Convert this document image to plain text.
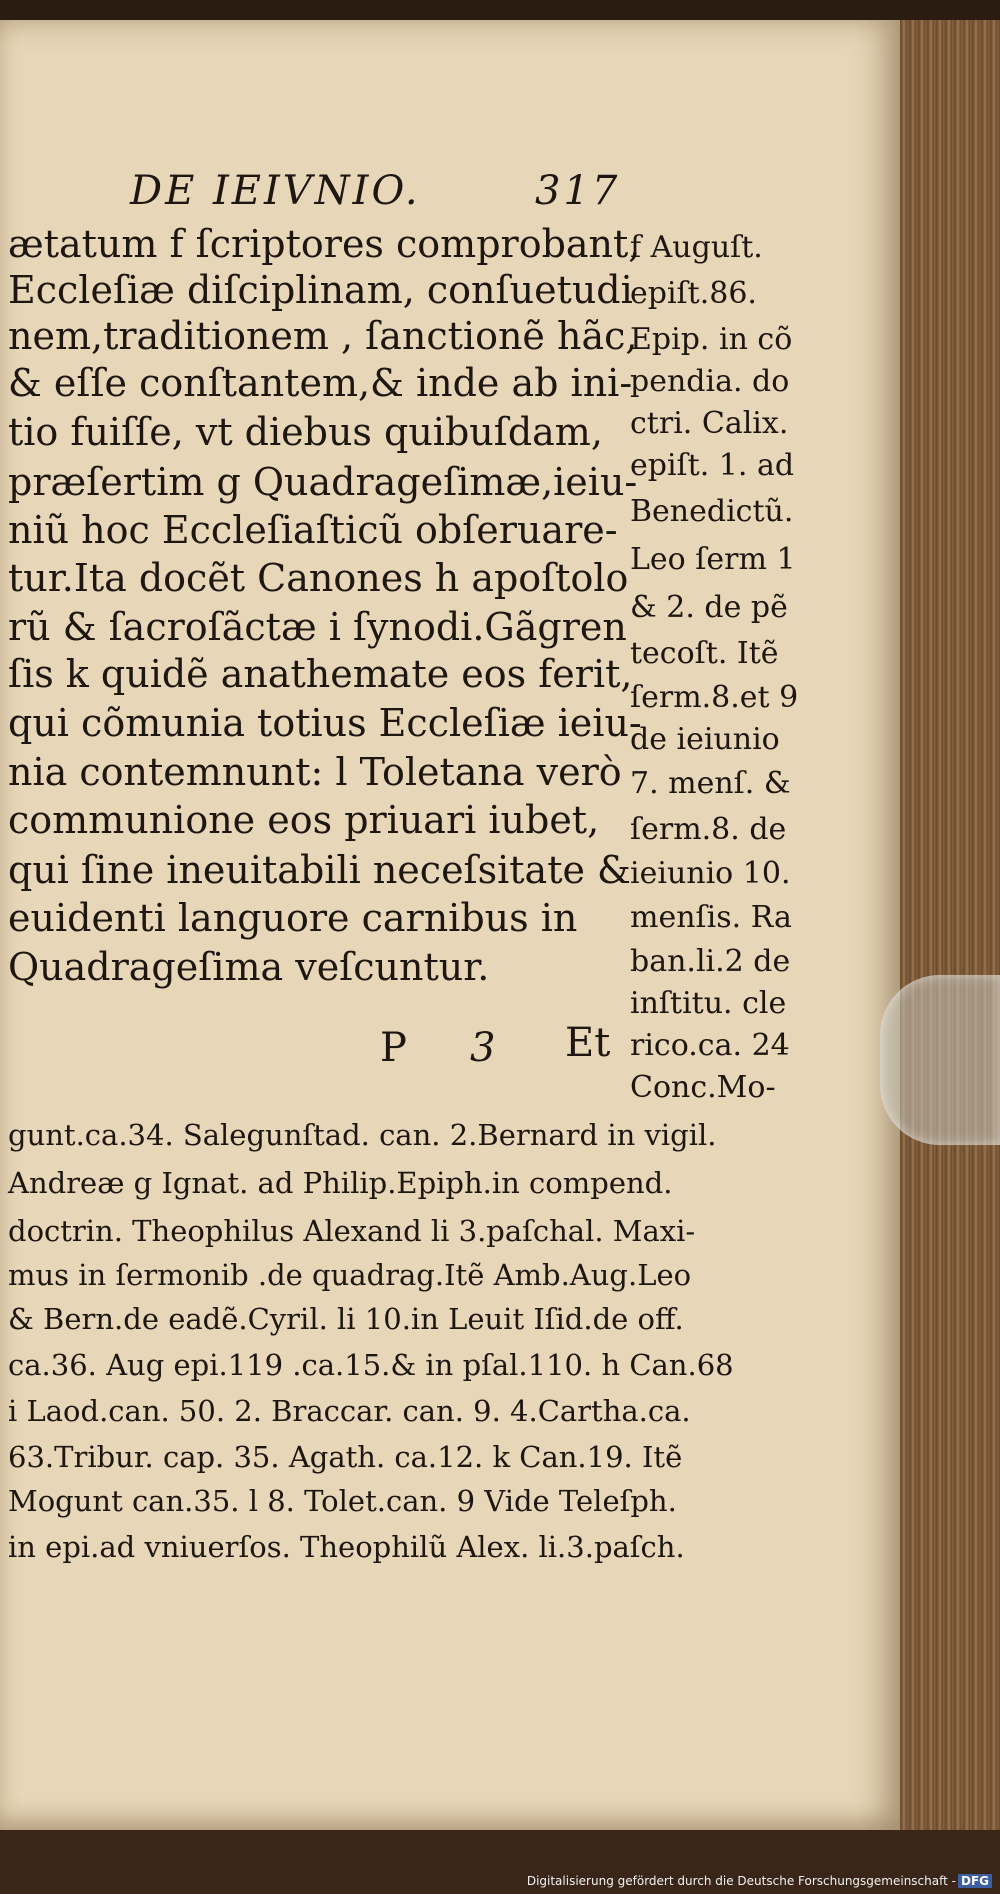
DE IEIVNIO.	317
ætatum f ſcriptores comprobant,
Eccleſiæ diſciplinam, conſuetudi
nem,traditionem , ſanctionẽ hãc,
& eſſe conſtantem,& inde ab ini-
tio fuiſſe, vt diebus quibuſdam,
præſertim g Quadrageſimæ,ieiu-
niũ hoc Eccleſiaſticũ obſeruare-
tur.Ita docẽt Canones h apoſtolo
rũ & ſacroſãctæ i ſynodi.Gãgren
ſis k quidẽ anathemate eos ferit,
qui cõmunia totius Eccleſiæ ieiu-
nia contemnunt: l Toletana verò
communione eos priuari iubet,
qui ſine ineuitabili neceſsitate &
euidenti languore carnibus in
Quadrageſima veſcuntur.
P 3 Et
f Auguſt.
epiſt.86.
Epip. in cõ
pendia. do
ctri. Calix.
epiſt. 1. ad
Benedictũ.
Leo ſerm 1
& 2. de pẽ
tecoſt. Itẽ
ſerm.8.et 9
de ieiunio
7. menſ. &
ſerm.8. de
ieiunio 10.
menſis. Ra
ban.li.2 de
inſtitu. cle
rico.ca. 24
Conc.Mo-
gunt.ca.34. Salegunſtad. can. 2.Bernard in vigil.
Andreæ g Ignat. ad Philip.Epiph.in compend.
doctrin. Theophilus Alexand li 3.paſchal. Maxi-
mus in ſermonib .de quadrag.Itẽ Amb.Aug.Leo
& Bern.de eadẽ.Cyril. li 10.in Leuit Iſid.de off.
ca.36. Aug epi.119 .ca.15.& in pſal.110. h Can.68
i Laod.can. 50. 2. Braccar. can. 9. 4.Cartha.ca.
63.Tribur. cap. 35. Agath. ca.12. k Can.19. Itẽ
Mogunt can.35. l 8. Tolet.can. 9 Vide Teleſph.
in epi.ad vniuerſos. Theophilũ Alex. li.3.paſch.
Digitalisierung gefördert durch die Deutsche Forschungsgemeinschaft - DFG
